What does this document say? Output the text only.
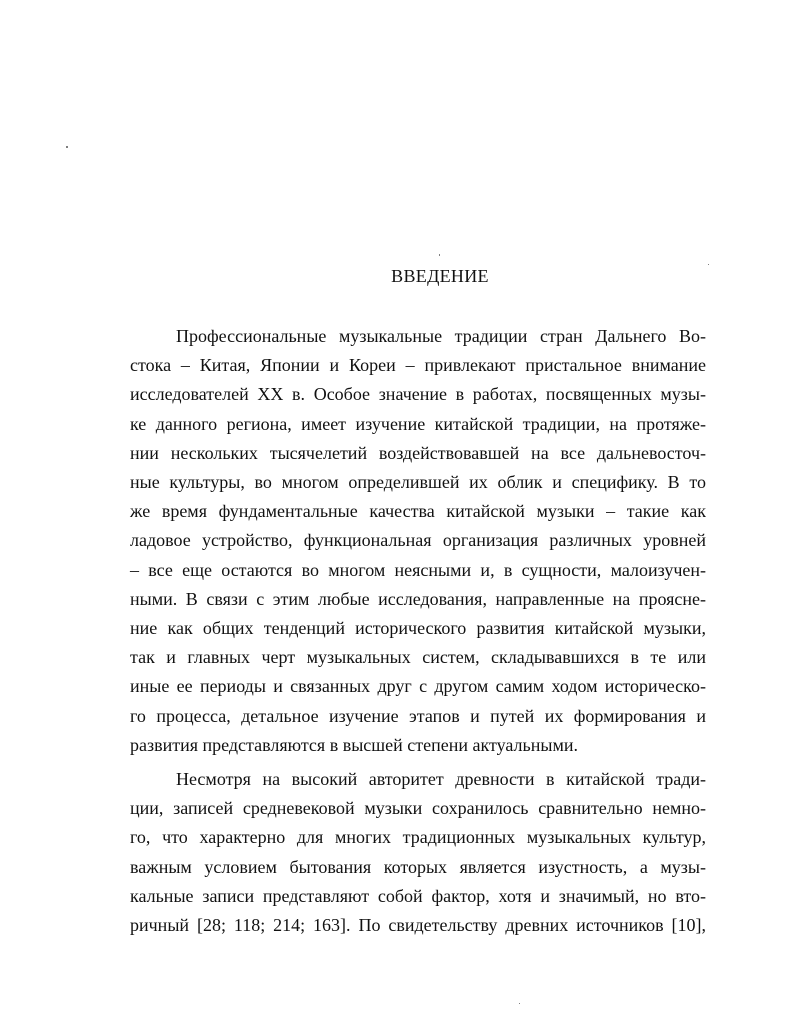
ВВЕДЕНИЕ

Профессиональные музыкальные традиции стран Дальнего Во-

стока – Китая, Японии и Кореи – привлекают пристальное внимание

исследователей XX в. Особое значение в работах, посвященных музы-

ке данного региона, имеет изучение китайской традиции, на протяже-

нии нескольких тысячелетий воздействовавшей на все дальневосточ-

ные культуры, во многом определившей их облик и специфику. В то

же время фундаментальные качества китайской музыки – такие как

ладовое устройство, функциональная организация различных уровней

– все еще остаются во многом неясными и, в сущности, малоизучен-

ными. В связи с этим любые исследования, направленные на проясне-

ние как общих тенденций исторического развития китайской музыки,

так и главных черт музыкальных систем, складывавшихся в те или

иные ее периоды и связанных друг с другом самим ходом историческо-

го процесса, детальное изучение этапов и путей их формирования и

развития представляются в высшей степени актуальными.

Несмотря на высокий авторитет древности в китайской тради-

ции, записей средневековой музыки сохранилось сравнительно немно-

го, что характерно для многих традиционных музыкальных культур,

важным условием бытования которых является изустность, а музы-

кальные записи представляют собой фактор, хотя и значимый, но вто-

ричный [28; 118; 214; 163]. По свидетельству древних источников [10],
